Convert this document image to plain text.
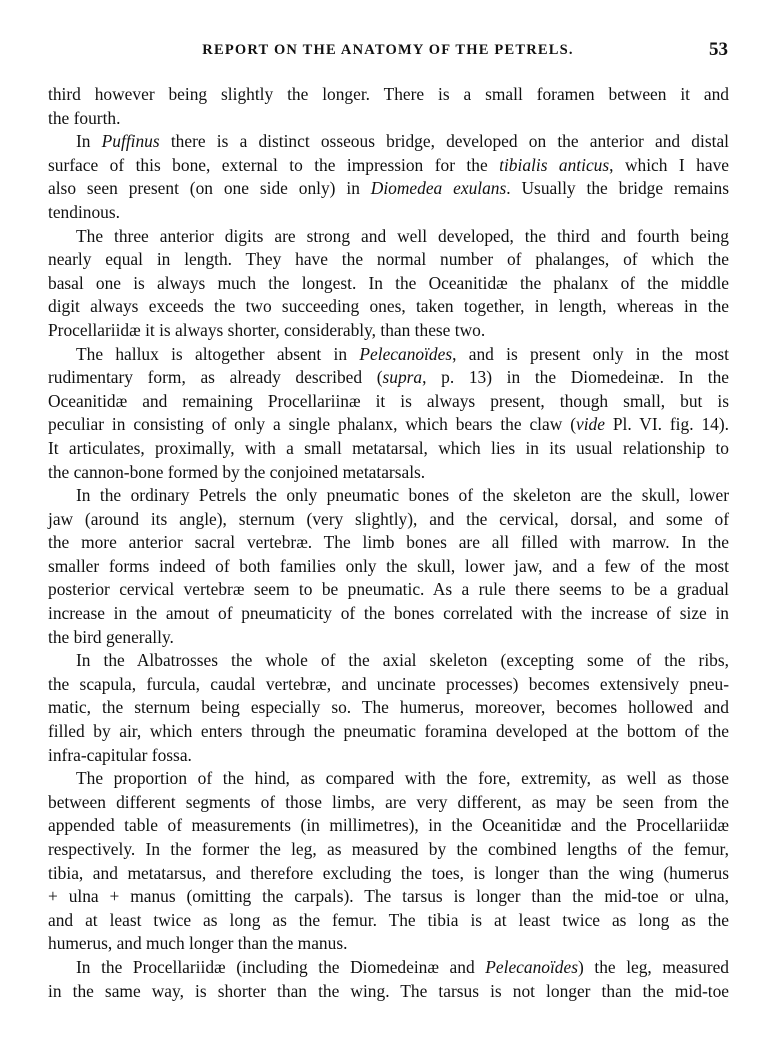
REPORT ON THE ANATOMY OF THE PETRELS.	53
third however being slightly the longer. There is a small foramen between it and
the fourth.
In Puffinus there is a distinct osseous bridge, developed on the anterior and distal
surface of this bone, external to the impression for the tibialis anticus, which I have
also seen present (on one side only) in Diomedea exulans. Usually the bridge remains
tendinous.
The three anterior digits are strong and well developed, the third and fourth being
nearly equal in length. They have the normal number of phalanges, of which the
basal one is always much the longest. In the Oceanitidæ the phalanx of the middle
digit always exceeds the two succeeding ones, taken together, in length, whereas in the
Procellariidæ it is always shorter, considerably, than these two.
The hallux is altogether absent in Pelecanoïdes, and is present only in the most
rudimentary form, as already described (supra, p. 13) in the Diomedeinæ. In the
Oceanitidæ and remaining Procellariinæ it is always present, though small, but is
peculiar in consisting of only a single phalanx, which bears the claw (vide Pl. VI. fig. 14).
It articulates, proximally, with a small metatarsal, which lies in its usual relationship to
the cannon-bone formed by the conjoined metatarsals.
In the ordinary Petrels the only pneumatic bones of the skeleton are the skull, lower
jaw (around its angle), sternum (very slightly), and the cervical, dorsal, and some of
the more anterior sacral vertebræ. The limb bones are all filled with marrow. In the
smaller forms indeed of both families only the skull, lower jaw, and a few of the most
posterior cervical vertebræ seem to be pneumatic. As a rule there seems to be a gradual
increase in the amout of pneumaticity of the bones correlated with the increase of size in
the bird generally.
In the Albatrosses the whole of the axial skeleton (excepting some of the ribs,
the scapula, furcula, caudal vertebræ, and uncinate processes) becomes extensively pneu-
matic, the sternum being especially so. The humerus, moreover, becomes hollowed and
filled by air, which enters through the pneumatic foramina developed at the bottom of the
infra-capitular fossa.
The proportion of the hind, as compared with the fore, extremity, as well as those
between different segments of those limbs, are very different, as may be seen from the
appended table of measurements (in millimetres), in the Oceanitidæ and the Procellariidæ
respectively. In the former the leg, as measured by the combined lengths of the femur,
tibia, and metatarsus, and therefore excluding the toes, is longer than the wing (humerus
+ ulna + manus (omitting the carpals). The tarsus is longer than the mid-toe or ulna,
and at least twice as long as the femur. The tibia is at least twice as long as the
humerus, and much longer than the manus.
In the Procellariidæ (including the Diomedeinæ and Pelecanoïdes) the leg, measured
in the same way, is shorter than the wing. The tarsus is not longer than the mid-toe
